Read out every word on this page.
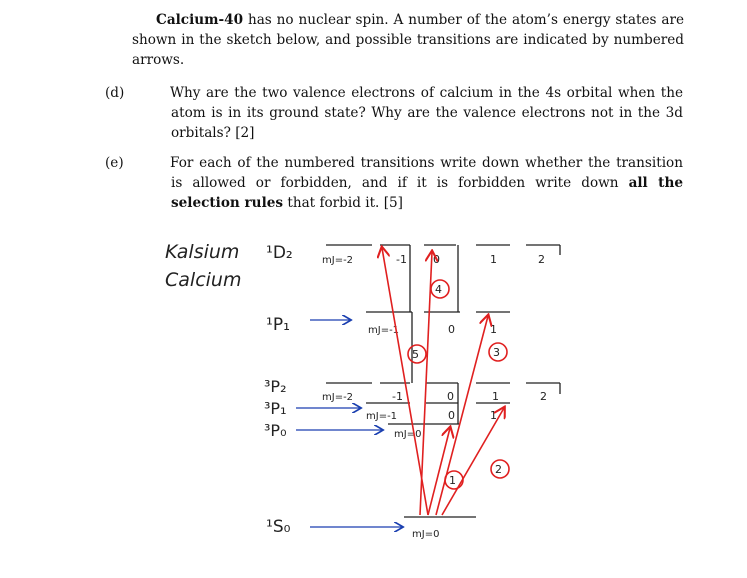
Calcium-40 has no nuclear spin. A number of the atom’s energy states are shown in the sketch below, and possible transitions are indicated by numbered arrows.

(d)	Why are the two valence electrons of calcium in the 4s orbital when the atom is in its ground state? Why are the valence electrons not in the 3d orbitals? [2]
(e)	For each of the numbered transitions write down whether the transition is allowed or forbidden, and if it is forbidden write down all the selection rules that forbid it. [5]
Kalsium
Calcium
¹D₂
¹P₁
³P₂
³P₁
³P₀
¹S₀
mJ=-2	-1 0	1	2
mJ=-1	0	1
mJ=-2	-1	0	1	2
mJ=-1	0	1
mJ=0
mJ=0
4
5	3
1
2
